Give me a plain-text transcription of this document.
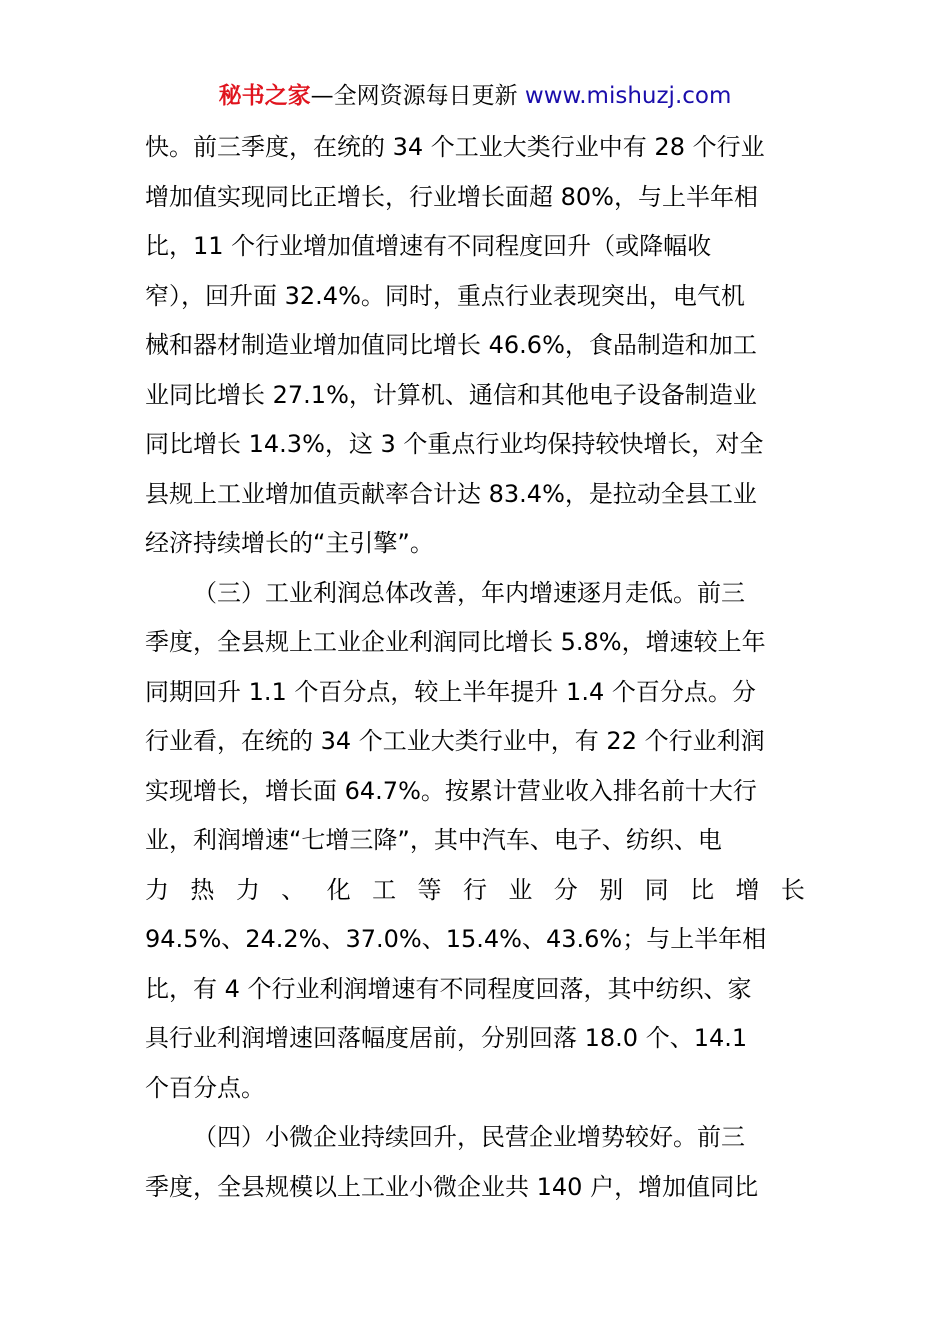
秘书之家—全网资源每日更新 www.mishuzj.com
快。前三季度，在统的 34 个工业大类行业中有 28 个行业
增加值实现同比正增长，行业增长面超 80%，与上半年相
比，11 个行业增加值增速有不同程度回升（或降幅收
窄），回升面 32.4%。同时，重点行业表现突出，电气机
械和器材制造业增加值同比增长 46.6%，食品制造和加工
业同比增长 27.1%，计算机、通信和其他电子设备制造业
同比增长 14.3%，这 3 个重点行业均保持较快增长，对全
县规上工业增加值贡献率合计达 83.4%，是拉动全县工业
经济持续增长的“主引擎”。
（三）工业利润总体改善，年内增速逐月走低。前三
季度，全县规上工业企业利润同比增长 5.8%，增速较上年
同期回升 1.1 个百分点，较上半年提升 1.4 个百分点。分
行业看，在统的 34 个工业大类行业中，有 22 个行业利润
实现增长，增长面 64.7%。按累计营业收入排名前十大行
业，利润增速“七增三降”，其中汽车、电子、纺织、电
力 热 力 、 化 工 等 行 业 分 别 同 比 增 长
94.5%、24.2%、37.0%、15.4%、43.6%；与上半年相
比，有 4 个行业利润增速有不同程度回落，其中纺织、家
具行业利润增速回落幅度居前，分别回落 18.0 个、14.1
个百分点。
（四）小微企业持续回升，民营企业增势较好。前三
季度，全县规模以上工业小微企业共 140 户，增加值同比
